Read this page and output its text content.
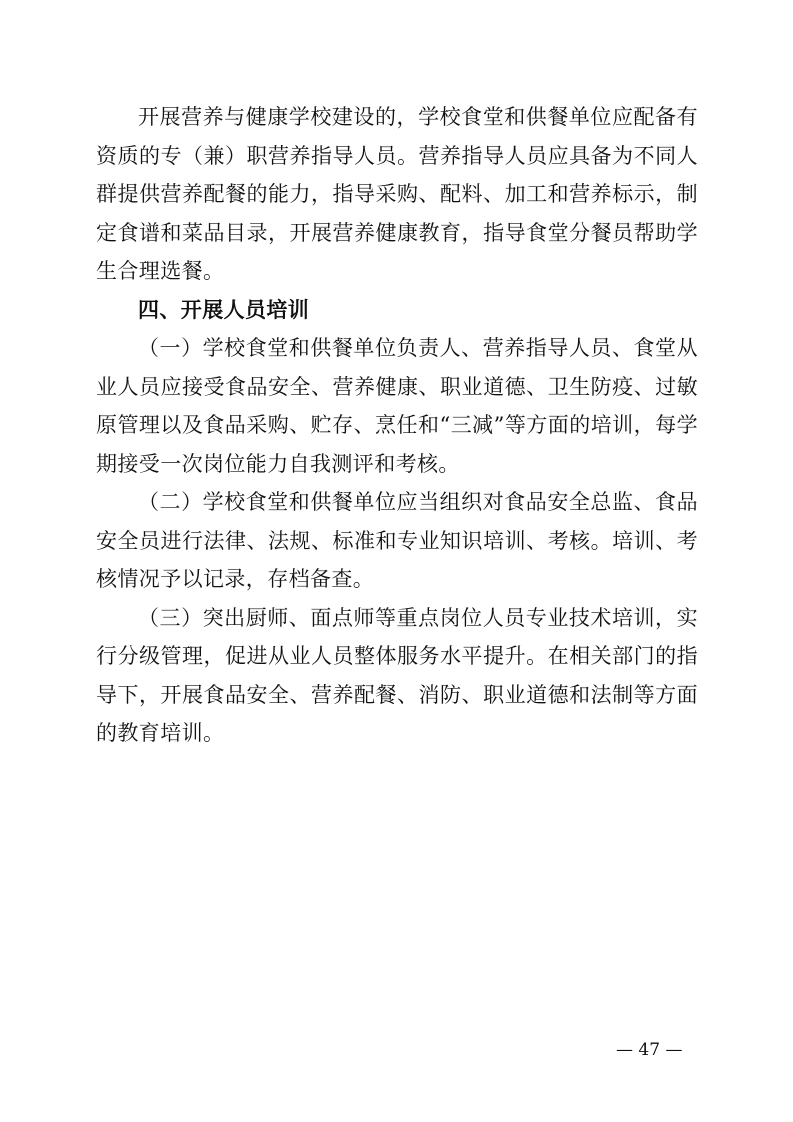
开展营养与健康学校建设的，学校食堂和供餐单位应配备有资质的专（兼）职营养指导人员。营养指导人员应具备为不同人群提供营养配餐的能力，指导采购、配料、加工和营养标示，制定食谱和菜品目录，开展营养健康教育，指导食堂分餐员帮助学生合理选餐。

四、开展人员培训

（一）学校食堂和供餐单位负责人、营养指导人员、食堂从业人员应接受食品安全、营养健康、职业道德、卫生防疫、过敏原管理以及食品采购、贮存、烹任和“三减”等方面的培训，每学期接受一次岗位能力自我测评和考核。

（二）学校食堂和供餐单位应当组织对食品安全总监、食品安全员进行法律、法规、标准和专业知识培训、考核。培训、考核情况予以记录，存档备查。

（三）突出厨师、面点师等重点岗位人员专业技术培训，实行分级管理，促进从业人员整体服务水平提升。在相关部门的指导下，开展食品安全、营养配餐、消防、职业道德和法制等方面的教育培训。

— 47 —
